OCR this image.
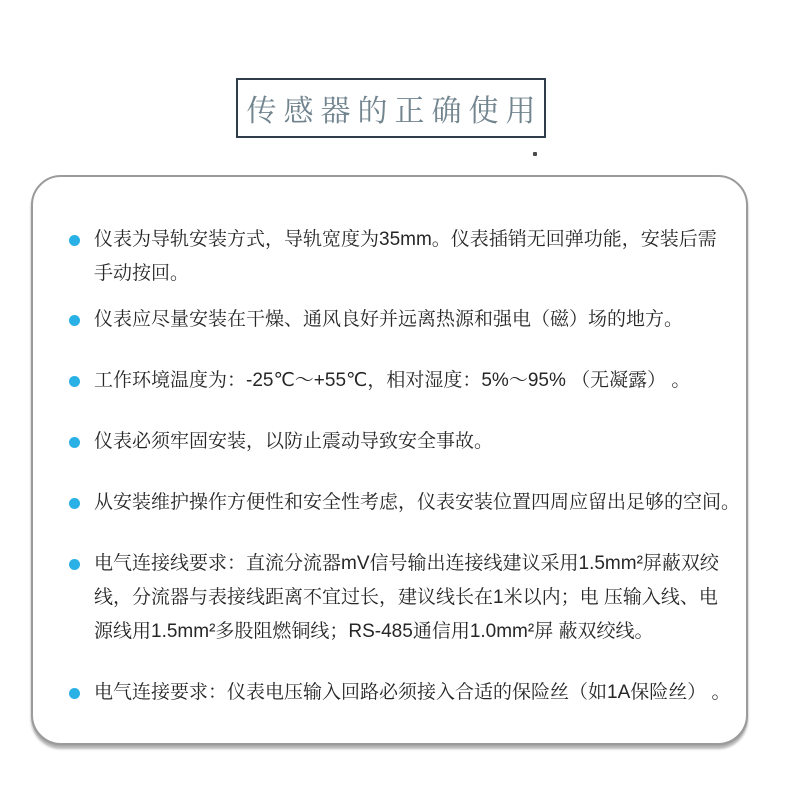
传感器的正确使用
仪表为导轨安装方式，导轨宽度为35mm。仪表插销无回弹功能，安装后需
手动按回。
仪表应尽量安装在干燥、通风良好并远离热源和强电（磁）场的地方。
工作环境温度为：-25℃～+55℃，相对湿度：5%～95% （无凝露） 。
仪表必须牢固安装，以防止震动导致安全事故。
从安装维护操作方便性和安全性考虑，仪表安装位置四周应留出足够的空间。
电气连接线要求：直流分流器mV信号输出连接线建议采用1.5mm²屏蔽双绞
线，分流器与表接线距离不宜过长，建议线长在1米以内；电 压输入线、电
源线用1.5mm²多股阻燃铜线；RS-485通信用1.0mm²屏 蔽双绞线。
电气连接要求：仪表电压输入回路必须接入合适的保险丝（如1A保险丝） 。
